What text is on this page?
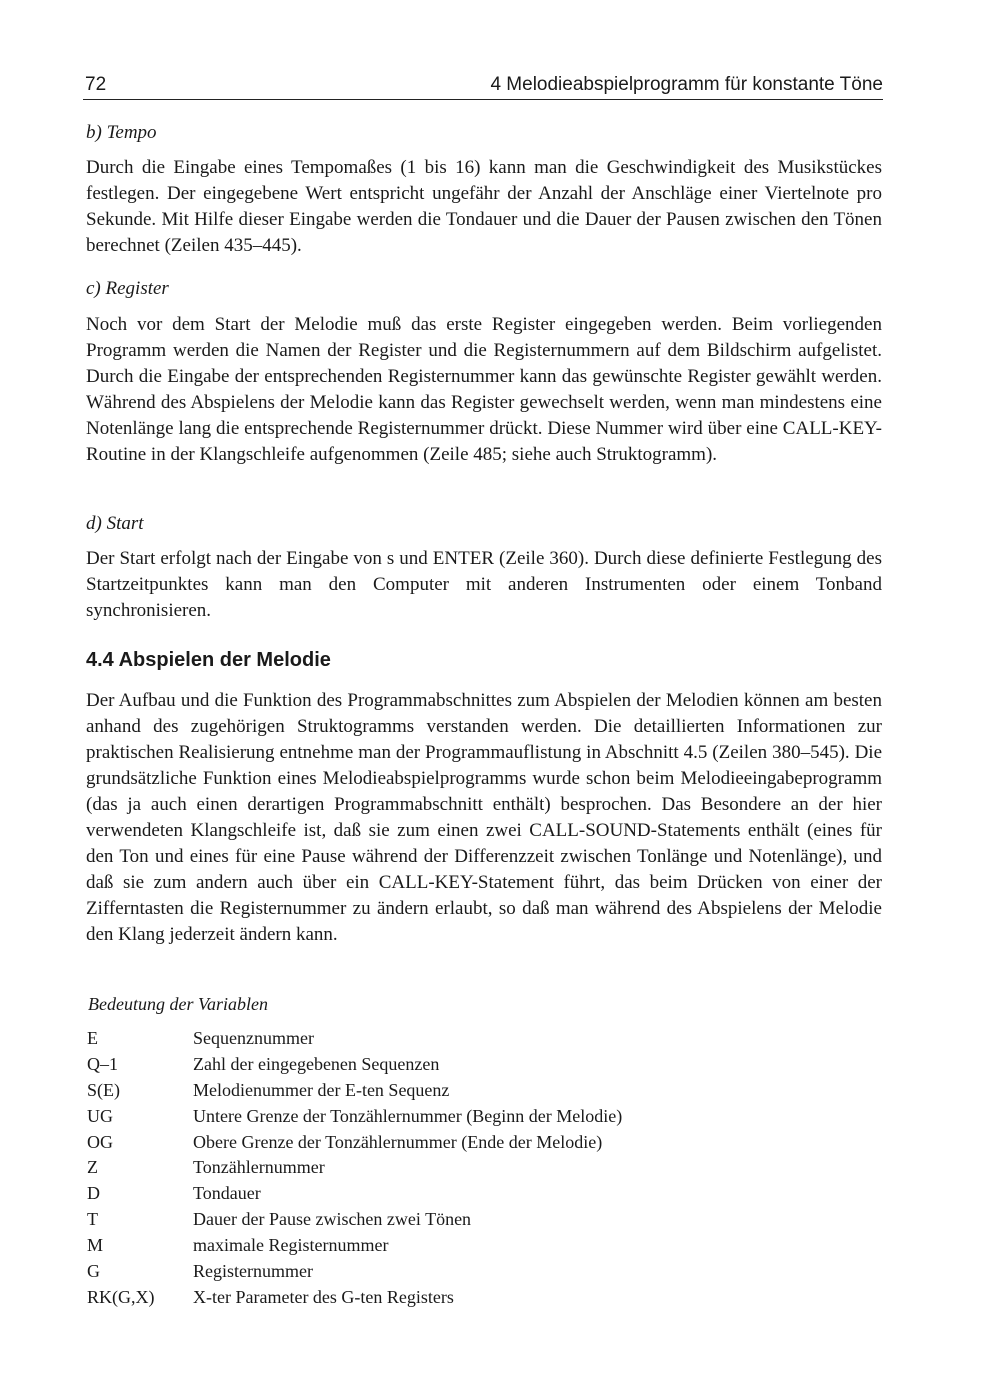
72	4 Melodieabspielprogramm für konstante Töne
b) Tempo
Durch die Eingabe eines Tempomaßes (1 bis 16) kann man die Geschwindigkeit des Musikstückes festlegen. Der eingegebene Wert entspricht ungefähr der Anzahl der Anschläge einer Viertelnote pro Sekunde. Mit Hilfe dieser Eingabe werden die Tondauer und die Dauer der Pausen zwischen den Tönen berechnet (Zeilen 435–445).
c) Register
Noch vor dem Start der Melodie muß das erste Register eingegeben werden. Beim vorliegenden Programm werden die Namen der Register und die Registernummern auf dem Bildschirm aufgelistet. Durch die Eingabe der entsprechenden Registernummer kann das gewünschte Register gewählt werden. Während des Abspielens der Melodie kann das Register gewechselt werden, wenn man mindestens eine Notenlänge lang die entsprechende Registernummer drückt. Diese Nummer wird über eine CALL-KEY-Routine in der Klangschleife aufgenommen (Zeile 485; siehe auch Struktogramm).
d) Start
Der Start erfolgt nach der Eingabe von s und ENTER (Zeile 360). Durch diese definierte Festlegung des Startzeitpunktes kann man den Computer mit anderen Instrumenten oder einem Tonband synchronisieren.
4.4 Abspielen der Melodie
Der Aufbau und die Funktion des Programmabschnittes zum Abspielen der Melodien können am besten anhand des zugehörigen Struktogramms verstanden werden. Die detaillierten Informationen zur praktischen Realisierung entnehme man der Programmauflistung in Abschnitt 4.5 (Zeilen 380–545). Die grundsätzliche Funktion eines Melodieabspielprogramms wurde schon beim Melodieeingabeprogramm (das ja auch einen derartigen Programmabschnitt enthält) besprochen. Das Besondere an der hier verwendeten Klangschleife ist, daß sie zum einen zwei CALL-SOUND-Statements enthält (eines für den Ton und eines für eine Pause während der Differenzzeit zwischen Tonlänge und Notenlänge), und daß sie zum andern auch über ein CALL-KEY-Statement führt, das beim Drücken von einer der Zifferntasten die Registernummer zu ändern erlaubt, so daß man während des Abspielens der Melodie den Klang jederzeit ändern kann.
Bedeutung der Variablen
E	Sequenznummer
Q–1	Zahl der eingegebenen Sequenzen
S(E)	Melodienummer der E-ten Sequenz
UG	Untere Grenze der Tonzählernummer (Beginn der Melodie)
OG	Obere Grenze der Tonzählernummer (Ende der Melodie)
Z	Tonzählernummer
D	Tondauer
T	Dauer der Pause zwischen zwei Tönen
M	maximale Registernummer
G	Registernummer
RK(G,X) X-ter Parameter des G-ten Registers
